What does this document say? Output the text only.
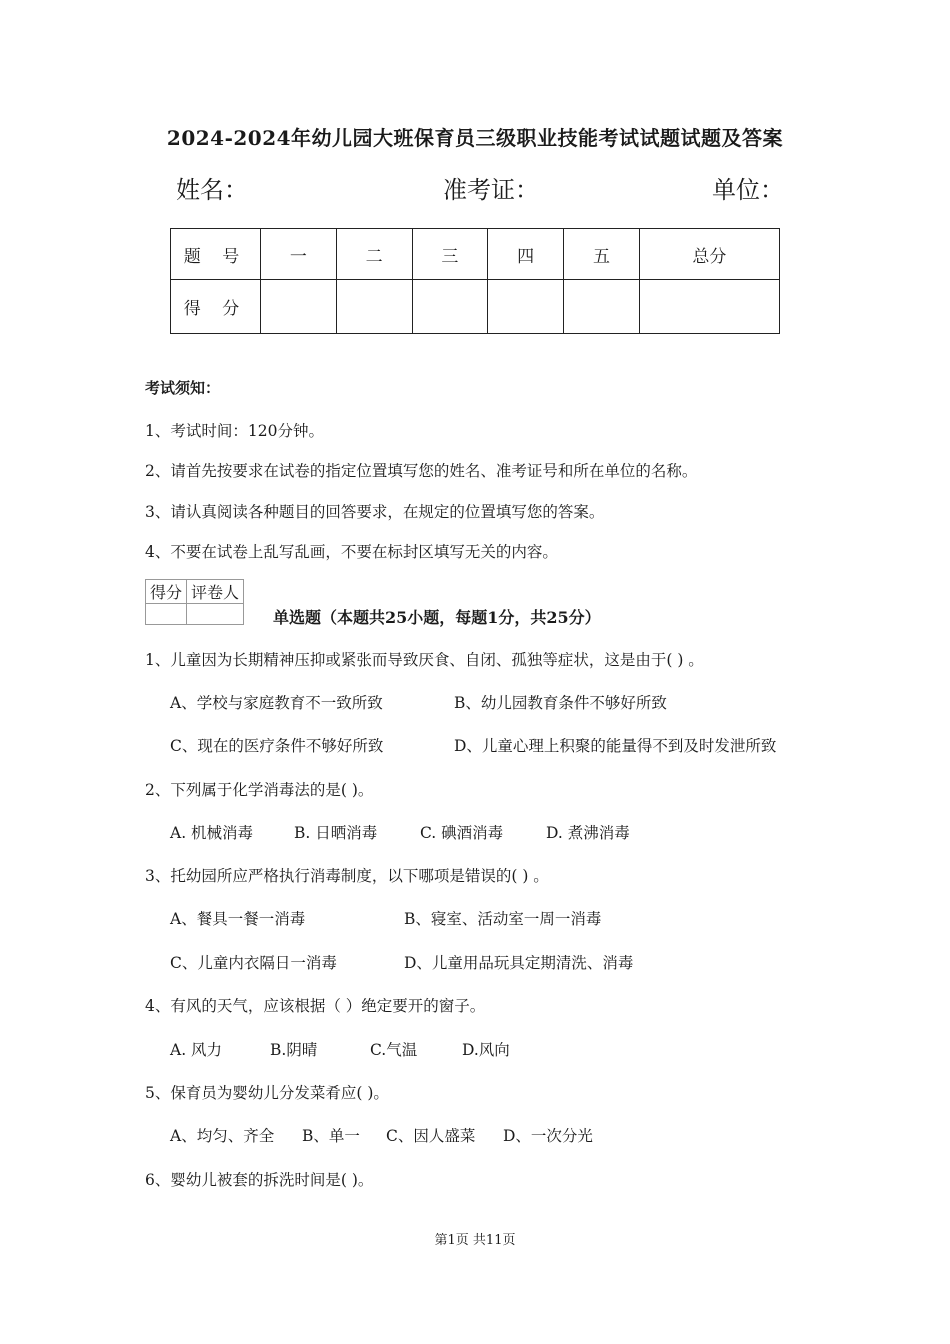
2024-2024年幼儿园大班保育员三级职业技能考试试题试题及答案
姓名：	准考证：	单位：
题 号	一	二	三	四	五	总分
得 分						
考试须知：
1、考试时间：120分钟。
2、请首先按要求在试卷的指定位置填写您的姓名、准考证号和所在单位的名称。
3、请认真阅读各种题目的回答要求，在规定的位置填写您的答案。
4、不要在试卷上乱写乱画，不要在标封区填写无关的内容。
得分	评卷人

单选题（本题共25小题，每题1分，共25分）
1、儿童因为长期精神压抑或紧张而导致厌食、自闭、孤独等症状，这是由于( ) 。
A、学校与家庭教育不一致所致	B、幼儿园教育条件不够好所致
C、现在的医疗条件不够好所致	D、儿童心理上积聚的能量得不到及时发泄所致
2、下列属于化学消毒法的是( )。
A. 机械消毒	B. 日晒消毒	C. 碘酒消毒	D. 煮沸消毒
3、托幼园所应严格执行消毒制度，以下哪项是错误的( ) 。
A、餐具一餐一消毒	B、寝室、活动室一周一消毒
C、儿童内衣隔日一消毒	D、儿童用品玩具定期清洗、消毒
4、有风的天气，应该根据（ ）绝定要开的窗子。
A. 风力	B.阴晴	C.气温	D.风向
5、保育员为婴幼儿分发菜肴应( )。
A、均匀、齐全 B、单一 C、因人盛菜 D、一次分光
6、婴幼儿被套的拆洗时间是( )。
第1页 共11页
